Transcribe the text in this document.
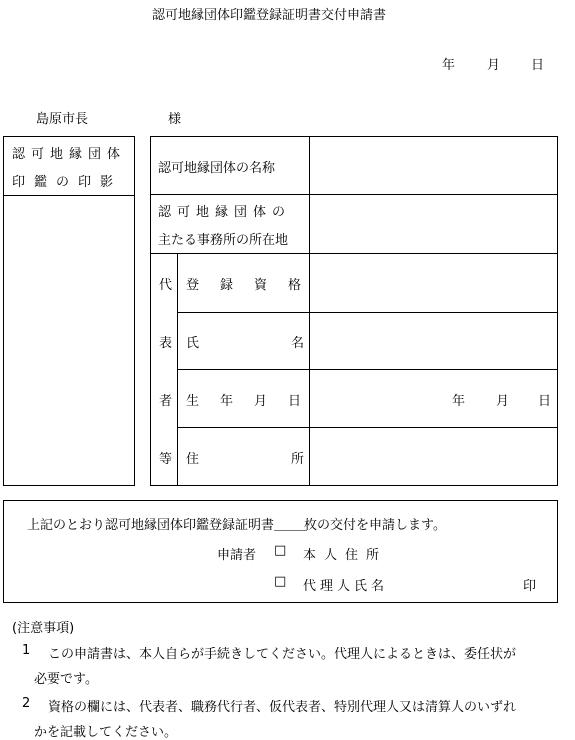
認可地縁団体印鑑登録証明書交付申請書
年 月 日
島原市長	様
認可地縁団体
印鑑の印影
認可地縁団体の名称
認可地縁団体の
主たる事務所の所在地
代
表
者
等
登録資格
氏名
生年月日
住所
年 月 日
上記のとおり認可地縁団体印鑑登録証明書＿＿＿枚の交付を申請します。
申請者 □ 本人住所
□ 代理人氏名	印
(注意事項)
1 この申請書は、本人自らが手続きしてください。代理人によるときは、委任状が
必要です。
2 資格の欄には、代表者、職務代行者、仮代表者、特別代理人又は清算人のいずれ
かを記載してください。
